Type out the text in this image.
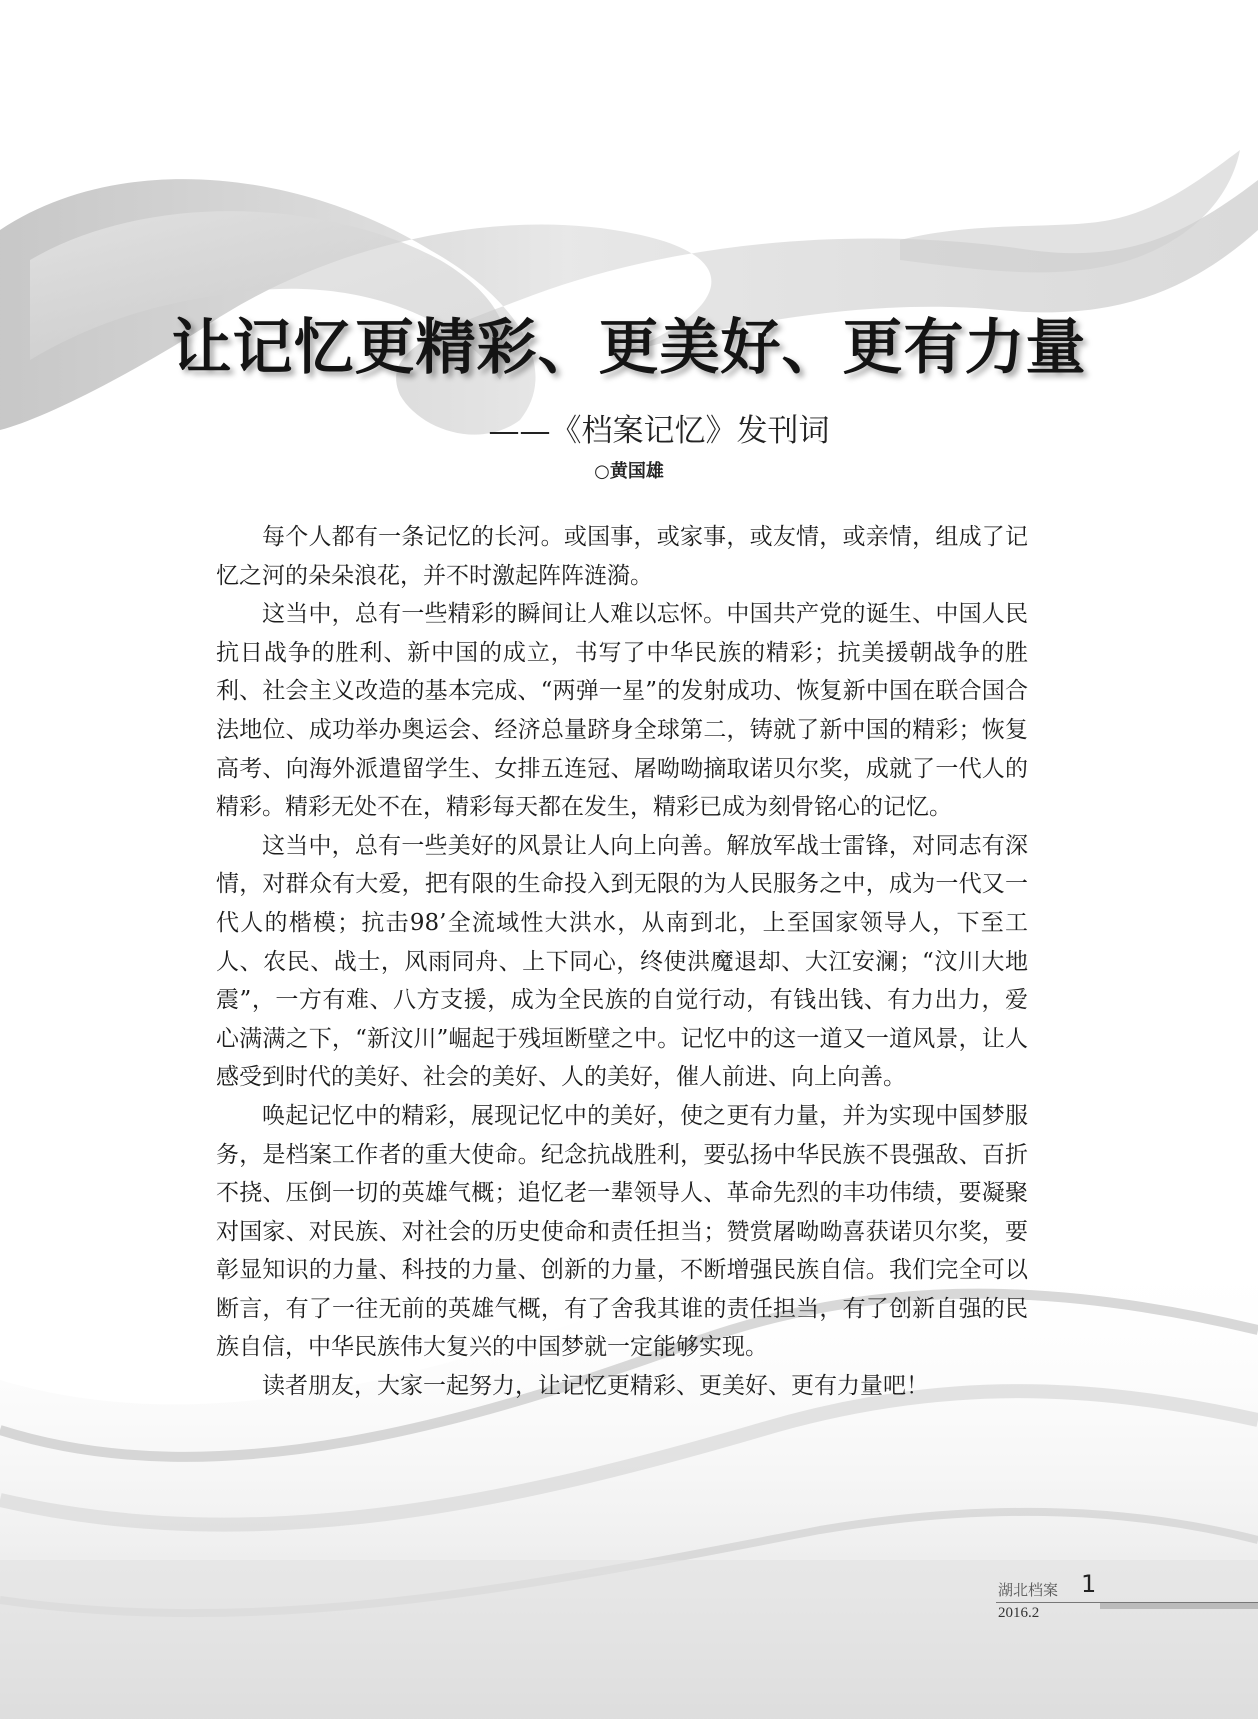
让记忆更精彩、更美好、更有力量
——《档案记忆》发刊词
○黄国雄

每个人都有一条记忆的长河。或国事，或家事，或友情，或亲情，组成了记忆之河的朵朵浪花，并不时激起阵阵涟漪。

这当中，总有一些精彩的瞬间让人难以忘怀。中国共产党的诞生、中国人民抗日战争的胜利、新中国的成立，书写了中华民族的精彩；抗美援朝战争的胜利、社会主义改造的基本完成、“两弹一星”的发射成功、恢复新中国在联合国合法地位、成功举办奥运会、经济总量跻身全球第二，铸就了新中国的精彩；恢复高考、向海外派遣留学生、女排五连冠、屠呦呦摘取诺贝尔奖，成就了一代人的精彩。精彩无处不在，精彩每天都在发生，精彩已成为刻骨铭心的记忆。

这当中，总有一些美好的风景让人向上向善。解放军战士雷锋，对同志有深情，对群众有大爱，把有限的生命投入到无限的为人民服务之中，成为一代又一代人的楷模；抗击98’全流域性大洪水，从南到北，上至国家领导人，下至工人、农民、战士，风雨同舟、上下同心，终使洪魔退却、大江安澜；“汶川大地震”，一方有难、八方支援，成为全民族的自觉行动，有钱出钱、有力出力，爱心满满之下，“新汶川”崛起于残垣断壁之中。记忆中的这一道又一道风景，让人感受到时代的美好、社会的美好、人的美好，催人前进、向上向善。

唤起记忆中的精彩，展现记忆中的美好，使之更有力量，并为实现中国梦服务，是档案工作者的重大使命。纪念抗战胜利，要弘扬中华民族不畏强敌、百折不挠、压倒一切的英雄气概；追忆老一辈领导人、革命先烈的丰功伟绩，要凝聚对国家、对民族、对社会的历史使命和责任担当；赞赏屠呦呦喜获诺贝尔奖，要彰显知识的力量、科技的力量、创新的力量，不断增强民族自信。我们完全可以断言，有了一往无前的英雄气概，有了舍我其谁的责任担当，有了创新自强的民族自信，中华民族伟大复兴的中国梦就一定能够实现。

读者朋友，大家一起努力，让记忆更精彩、更美好、更有力量吧！

湖北档案 1
2016.2
